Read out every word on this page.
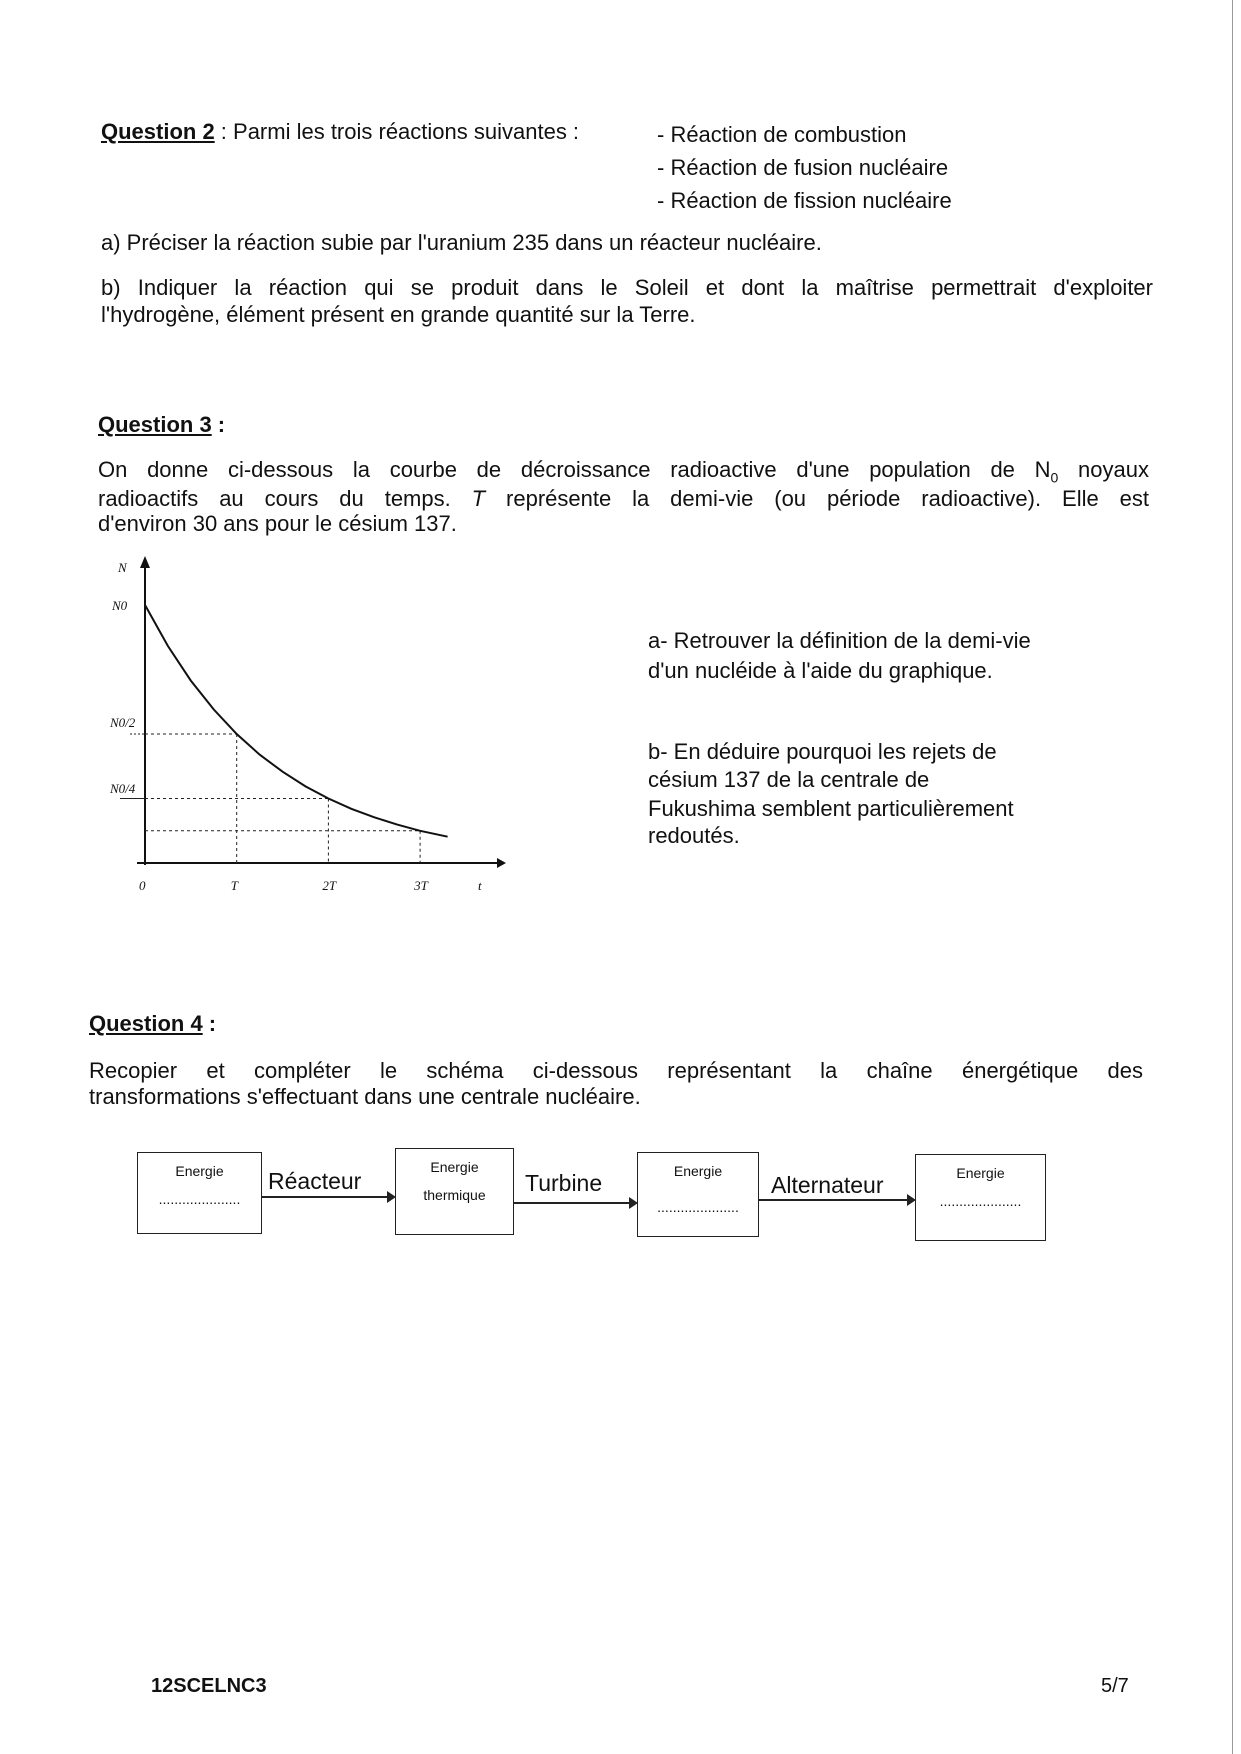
Question 2 : Parmi les trois réactions suivantes :	- Réaction de combustion
- Réaction de fusion nucléaire
- Réaction de fission nucléaire
a) Préciser la réaction subie par l'uranium 235 dans un réacteur nucléaire.
b) Indiquer la réaction qui se produit dans le Soleil et dont la maîtrise permettrait d'exploiter
l'hydrogène, élément présent en grande quantité sur la Terre.
Question 3 :
On donne ci-dessous la courbe de décroissance radioactive d'une population de $N_0$ noyaux
radioactifs au cours du temps. T représente la demi-vie (ou période radioactive). Elle est
d'environ 30 ans pour le césium 137.
N
N0
N0/2
N0/4
0	T	2T	3T	t
a- Retrouver la définition de la demi-vie
d'un nucléide à l'aide du graphique.
b- En déduire pourquoi les rejets de
césium 137 de la centrale de
Fukushima semblent particulièrement
redoutés.
Question 4 :
Recopier et compléter le schéma ci-dessous représentant la chaîne énergétique des
transformations s'effectuant dans une centrale nucléaire.
Energie
.....................
Energie
thermique
Energie
.....................
Energie
.....................
Réacteur	Turbine	Alternateur
12SCELNC3	5/7
